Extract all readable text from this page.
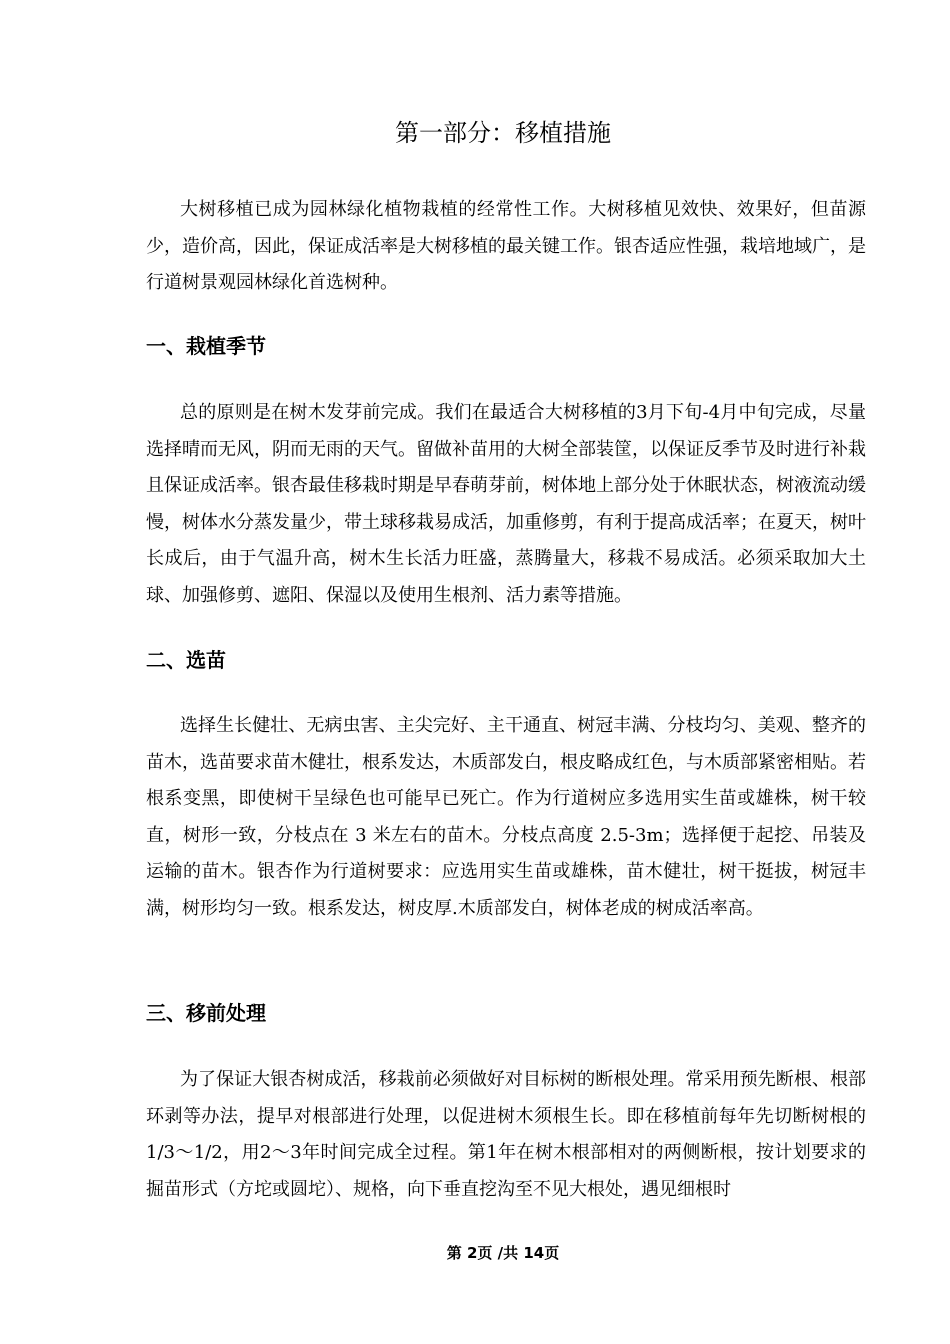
第一部分：移植措施

大树移植已成为园林绿化植物栽植的经常性工作。大树移植见效快、效果好，但苗源少，造价高，因此，保证成活率是大树移植的最关键工作。银杏适应性强，栽培地域广，是行道树景观园林绿化首选树种。

一、栽植季节

总的原则是在树木发芽前完成。我们在最适合大树移植的3月下旬-4月中旬完成，尽量选择晴而无风，阴而无雨的天气。留做补苗用的大树全部装筐，以保证反季节及时进行补栽且保证成活率。银杏最佳移栽时期是早春萌芽前，树体地上部分处于休眠状态，树液流动缓慢，树体水分蒸发量少，带土球移栽易成活，加重修剪，有利于提高成活率；在夏天，树叶长成后，由于气温升高，树木生长活力旺盛，蒸腾量大，移栽不易成活。必须采取加大土球、加强修剪、遮阳、保湿以及使用生根剂、活力素等措施。

二、选苗

选择生长健壮、无病虫害、主尖完好、主干通直、树冠丰满、分枝均匀、美观、整齐的苗木，选苗要求苗木健壮，根系发达，木质部发白，根皮略成红色，与木质部紧密相贴。若根系变黑，即使树干呈绿色也可能早已死亡。作为行道树应多选用实生苗或雄株，树干较直，树形一致，分枝点在 3 米左右的苗木。分枝点高度 2.5-3m；选择便于起挖、吊装及运输的苗木。银杏作为行道树要求：应选用实生苗或雄株，苗木健壮，树干挺拔，树冠丰满，树形均匀一致。根系发达，树皮厚.木质部发白，树体老成的树成活率高。

三、移前处理

为了保证大银杏树成活，移栽前必须做好对目标树的断根处理。常采用预先断根、根部环剥等办法，提早对根部进行处理，以促进树木须根生长。即在移植前每年先切断树根的1/3～1/2，用2～3年时间完成全过程。第1年在树木根部相对的两侧断根，按计划要求的掘苗形式（方坨或圆坨）、规格，向下垂直挖沟至不见大根处，遇见细根时

第 2页 /共 14页
